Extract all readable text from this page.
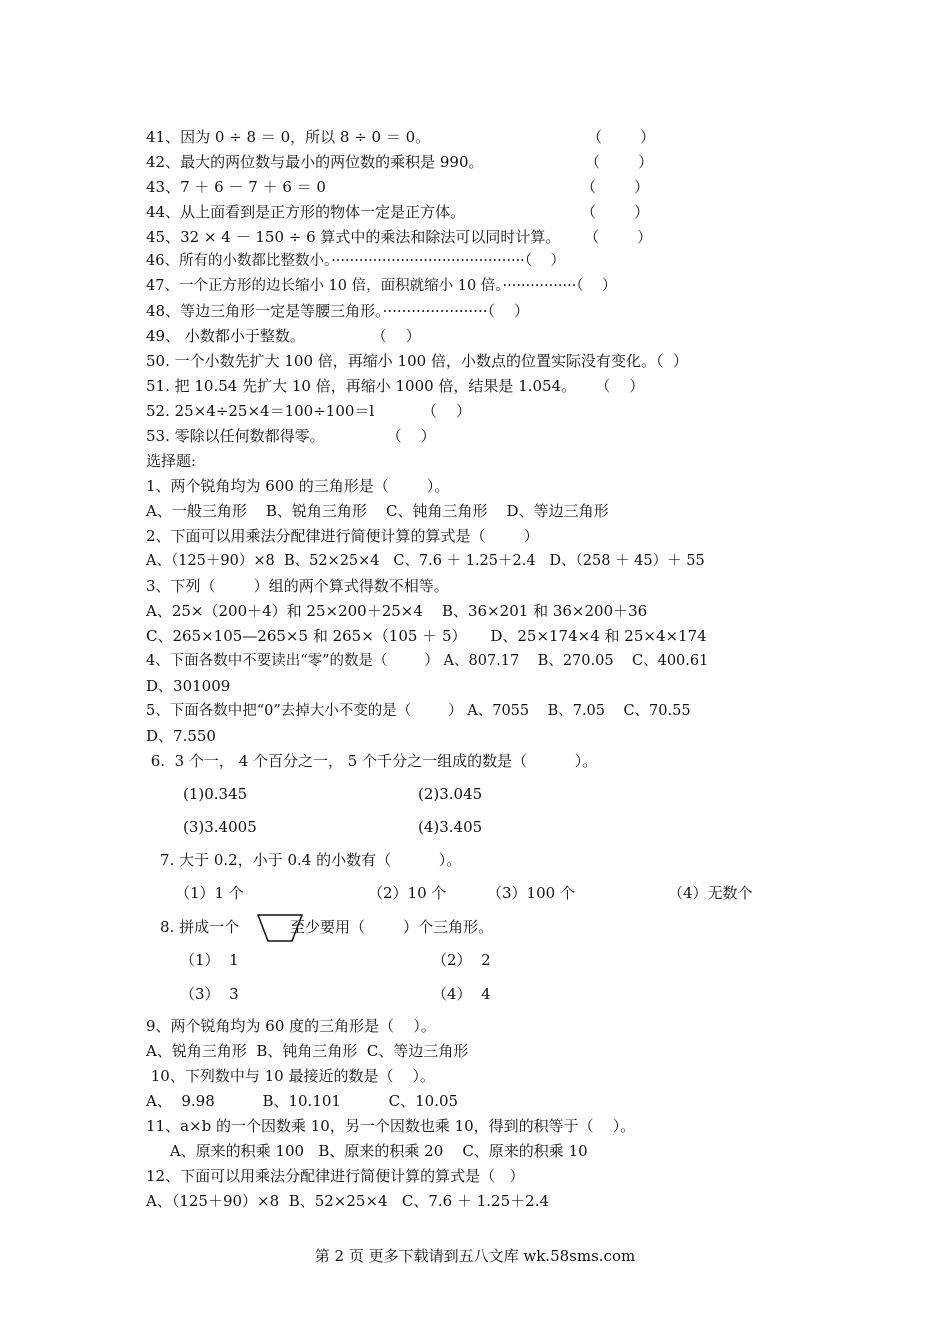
41、因为 0 ÷ 8 ＝ 0，所以 8 ÷ 0 ＝ 0。	（        ）
42、最大的两位数与最小的两位数的乘积是 990。	（        ）
43、7 ＋ 6 － 7 ＋ 6 ＝ 0	（        ）
44、从上面看到是正方形的物体一定是正方体。	（        ）
45、32 × 4 － 150 ÷ 6 算式中的乘法和除法可以同时计算。 （        ）
46、所有的小数都比整数小。··········································（    ）
47、一个正方形的边长缩小 10 倍，面积就缩小 10 倍。················（    ）
48、等边三角形一定是等腰三角形。······················（    ）
49、 小数都小于整数。              （    ）
50. 一个小数先扩大 100 倍，再缩小 100 倍，小数点的位置实际没有变化。（  ）
51. 把 10.54 先扩大 10 倍，再缩小 1000 倍，结果是 1.054。    （    ）
52. 25×4÷25×4＝100÷100＝l          （    ）
53. 零除以任何数都得零。             （    ）
选择题:
1、两个锐角均为 600 的三角形是（        ）。
A、一般三角形    B、锐角三角形    C、钝角三角形    D、等边三角形
2、下面可以用乘法分配律进行简便计算的算式是（        ）
A、（125＋90）×8  B、52×25×4   C、7.6 ＋ 1.25＋2.4   D、（258 ＋ 45）＋ 55
3、下列（        ）组的两个算式得数不相等。
A、25×（200＋4）和 25×200＋25×4    B、36×201 和 36×200＋36
C、265×105—265×5 和 265×（105 ＋ 5）     D、25×174×4 和 25×4×174
4、下面各数中不要读出“零”的数是（        ） A、807.17    B、270.05    C、400.61
D、301009
5、下面各数中把“0”去掉大小不变的是（        ） A、7055    B、7.05    C、70.55
D、7.550
6.  3 个一， 4 个百分之一， 5 个千分之一组成的数是（          ）。
(1)0.345	(2)3.045
(3)3.4005	(4)3.405
7. 大于 0.2，小于 0.4 的小数有（          ）。
（1）1 个	（2）10 个	（3）100 个	（4）无数个
8. 拼成一个	至少要用（        ）个三角形。
（1）  1	（2）  2
（3）  3	（4）  4
9、两个锐角均为 60 度的三角形是（    ）。
A、锐角三角形  B、钝角三角形  C、等边三角形
10、下列数中与 10 最接近的数是（    ）。
A、  9.98          B、10.101          C、10.05
11、a×b 的一个因数乘 10，另一个因数也乘 10，得到的积等于（    ）。
A、原来的积乘 100   B、原来的积乘 20    C、原来的积乘 10
12、下面可以用乘法分配律进行简便计算的算式是（   ）
A、（125＋90）×8  B、52×25×4   C、7.6 ＋ 1.25＋2.4
第 2 页 更多下载请到五八文库 wk.58sms.com
